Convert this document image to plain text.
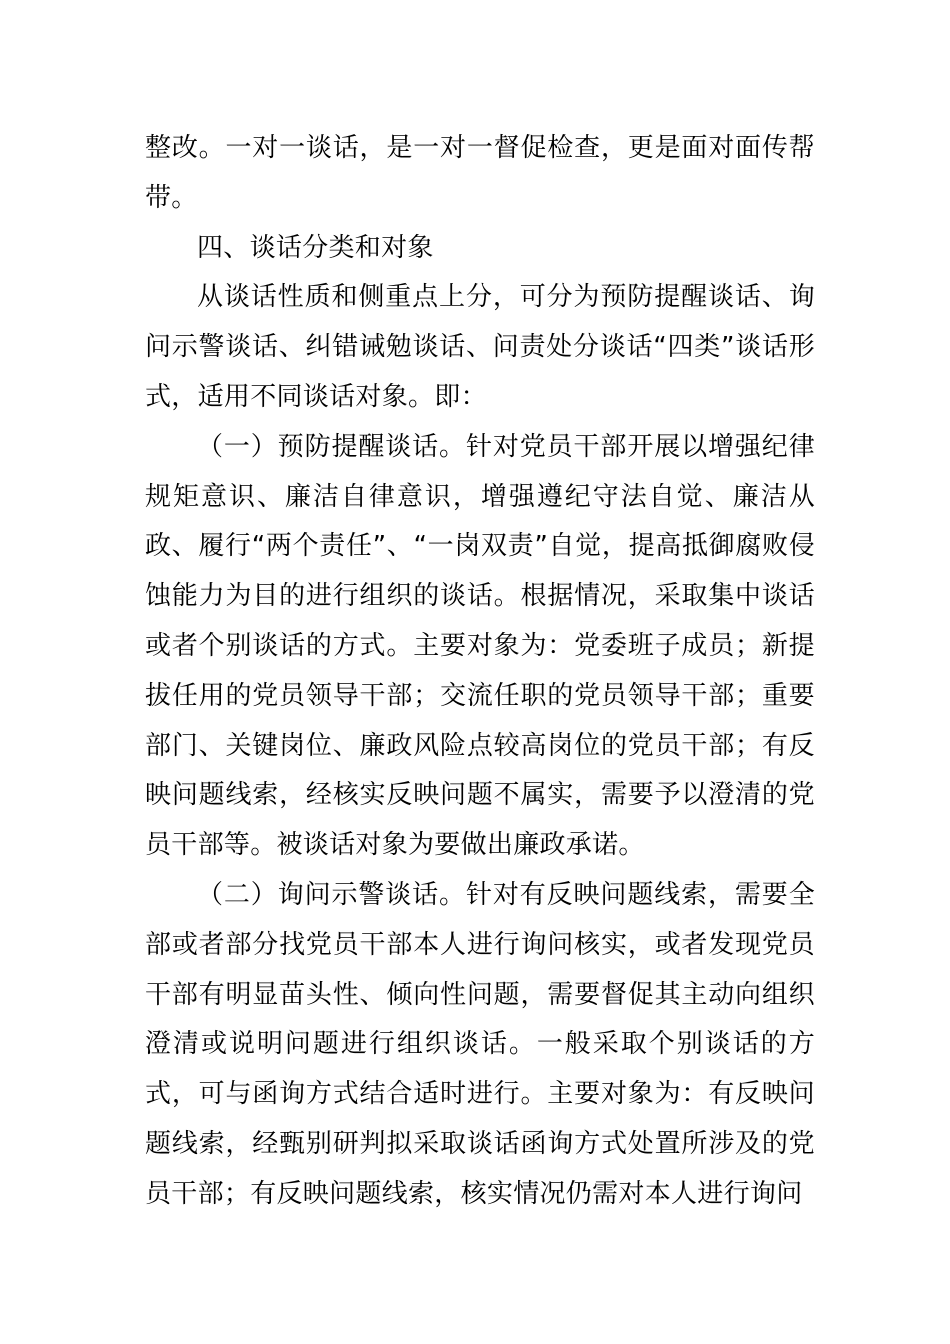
整改。一对一谈话，是一对一督促检查，更是面对面传帮带。

四、谈话分类和对象

从谈话性质和侧重点上分，可分为预防提醒谈话、询问示警谈话、纠错诫勉谈话、问责处分谈话“四类”谈话形式，适用不同谈话对象。即：

（一）预防提醒谈话。针对党员干部开展以增强纪律规矩意识、廉洁自律意识，增强遵纪守法自觉、廉洁从政、履行“两个责任”、“一岗双责”自觉，提高抵御腐败侵蚀能力为目的进行组织的谈话。根据情况，采取集中谈话或者个别谈话的方式。主要对象为：党委班子成员；新提拔任用的党员领导干部；交流任职的党员领导干部；重要部门、关键岗位、廉政风险点较高岗位的党员干部；有反映问题线索，经核实反映问题不属实，需要予以澄清的党员干部等。被谈话对象为要做出廉政承诺。

（二）询问示警谈话。针对有反映问题线索，需要全部或者部分找党员干部本人进行询问核实，或者发现党员干部有明显苗头性、倾向性问题，需要督促其主动向组织澄清或说明问题进行组织谈话。一般采取个别谈话的方式，可与函询方式结合适时进行。主要对象为：有反映问题线索，经甄别研判拟采取谈话函询方式处置所涉及的党员干部；有反映问题线索，核实情况仍需对本人进行询问
